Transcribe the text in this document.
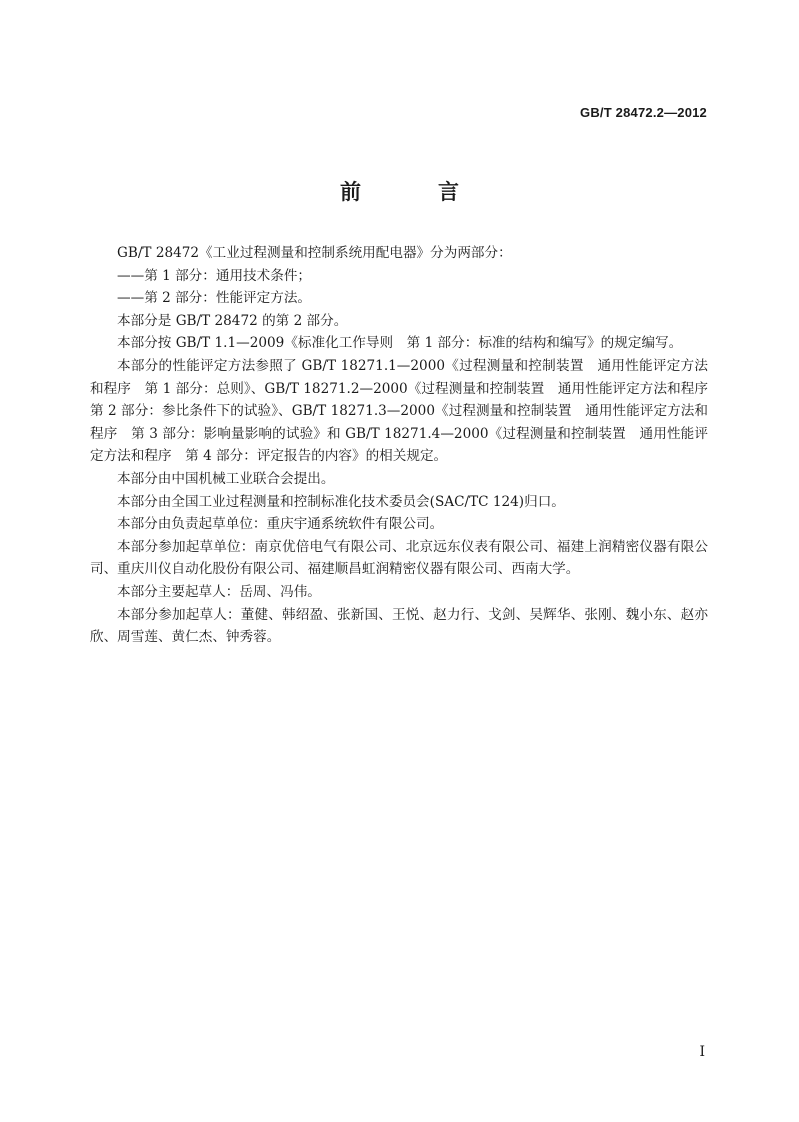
GB/T 28472.2—2012
前　言

GB/T 28472《工业过程测量和控制系统用配电器》分为两部分：

——第 1 部分：通用技术条件；

——第 2 部分：性能评定方法。

本部分是 GB/T 28472 的第 2 部分。

本部分按 GB/T 1.1—2009《标准化工作导则　第 1 部分：标准的结构和编写》的规定编写。

本部分的性能评定方法参照了 GB/T 18271.1—2000《过程测量和控制装置　通用性能评定方法和程序　第 1 部分：总则》、GB/T 18271.2—2000《过程测量和控制装置　通用性能评定方法和程序　第 2 部分：参比条件下的试验》、GB/T 18271.3—2000《过程测量和控制装置　通用性能评定方法和程序　第 3 部分：影响量影响的试验》和 GB/T 18271.4—2000《过程测量和控制装置　通用性能评定方法和程序　第 4 部分：评定报告的内容》的相关规定。

本部分由中国机械工业联合会提出。

本部分由全国工业过程测量和控制标准化技术委员会(SAC/TC 124)归口。

本部分由负责起草单位：重庆宇通系统软件有限公司。

本部分参加起草单位：南京优倍电气有限公司、北京远东仪表有限公司、福建上润精密仪器有限公司、重庆川仪自动化股份有限公司、福建顺昌虹润精密仪器有限公司、西南大学。

本部分主要起草人：岳周、冯伟。

本部分参加起草人：董健、韩绍盈、张新国、王悦、赵力行、戈剑、吴辉华、张刚、魏小东、赵亦欣、周雪莲、黄仁杰、钟秀蓉。

I
